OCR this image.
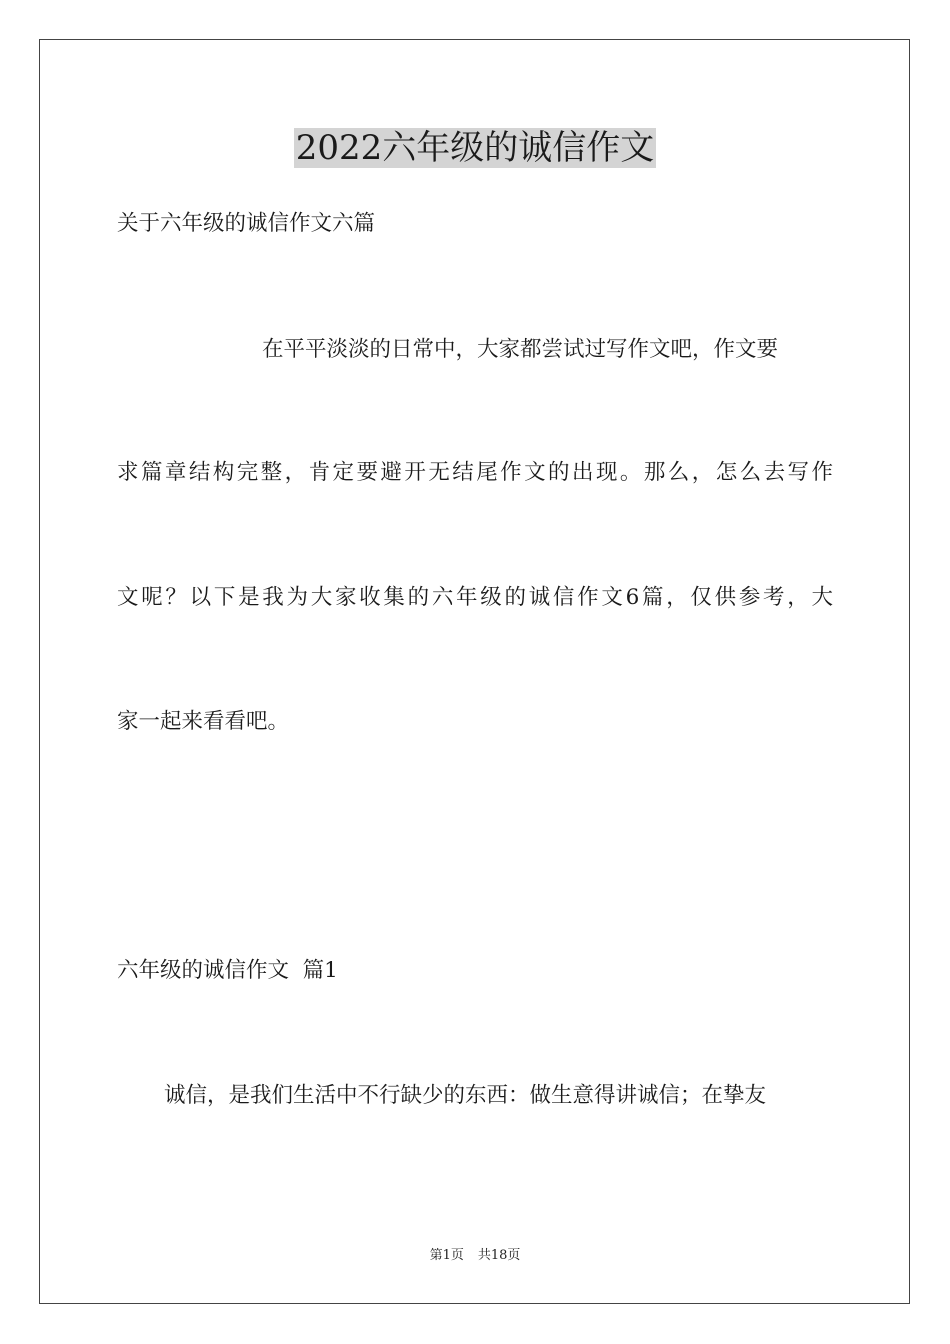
2022六年级的诚信作文

关于六年级的诚信作文六篇

在平平淡淡的日常中，大家都尝试过写作文吧，作文要

求篇章结构完整，肯定要避开无结尾作文的出现。那么，怎么去写作

文呢？以下是我为大家收集的六年级的诚信作文6篇，仅供参考，大

家一起来看看吧。

六年级的诚信作文  篇1

诚信，是我们生活中不行缺少的东西：做生意得讲诚信；在挚友

第1页 共18页
